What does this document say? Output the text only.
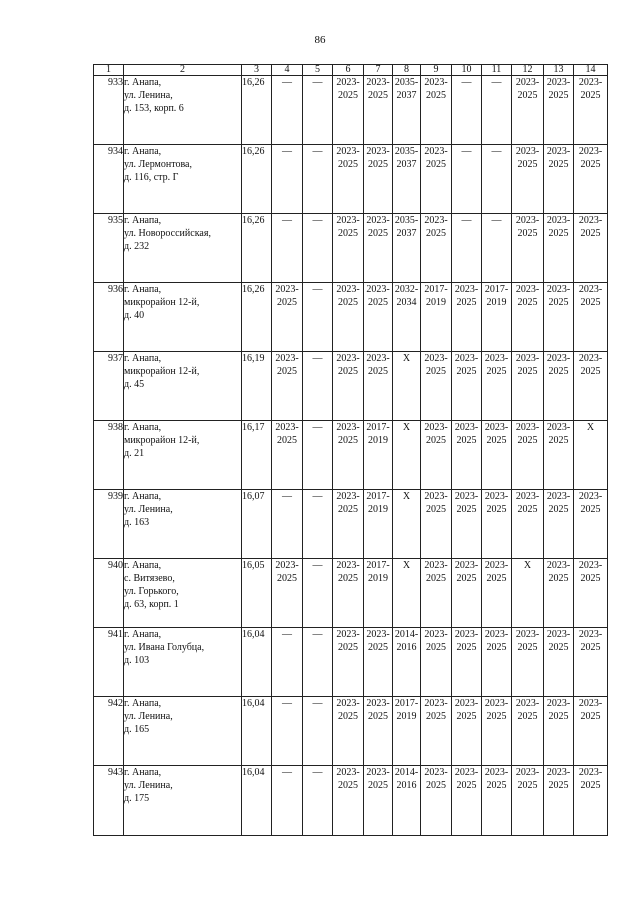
86
1	2	3	4	5	6	7	8	9	10	11	12	13	14
933	г. Анапа,
ул. Ленина,
д. 153, корп. 6	16,26	—	—	2023-
2025	2023-
2025	2035-
2037	2023-
2025	—	—	2023-
2025	2023-
2025	2023-
2025

934	г. Анапа,
ул. Лермонтова,
д. 116, стр. Г	16,26	—	—	2023-
2025	2023-
2025	2035-
2037	2023-
2025	—	—	2023-
2025	2023-
2025	2023-
2025

935	г. Анапа,
ул. Новороссийская,
д. 232	16,26	—	—	2023-
2025	2023-
2025	2035-
2037	2023-
2025	—	—	2023-
2025	2023-
2025	2023-
2025

936	г. Анапа,
микрорайон 12-й,
д. 40	16,26	2023-
2025	—	2023-
2025	2023-
2025	2032-
2034	2017-
2019	2023-
2025	2017-
2019	2023-
2025	2023-
2025	2023-
2025

937	г. Анапа,
микрорайон 12-й,
д. 45	16,19	2023-
2025	—	2023-
2025	2023-
2025	X	2023-
2025	2023-
2025	2023-
2025	2023-
2025	2023-
2025	2023-
2025

938	г. Анапа,
микрорайон 12-й,
д. 21	16,17	2023-
2025	—	2023-
2025	2017-
2019	X	2023-
2025	2023-
2025	2023-
2025	2023-
2025	2023-
2025	X
939	г. Анапа,
ул. Ленина,
д. 163	16,07	—	—	2023-
2025	2017-
2019	X	2023-
2025	2023-
2025	2023-
2025	2023-
2025	2023-
2025	2023-
2025

940	г. Анапа,
с. Витязево,
ул. Горького,
д. 63, корп. 1	16,05	2023-
2025	—	2023-
2025	2017-
2019	X	2023-
2025	2023-
2025	2023-
2025	X	2023-
2025	2023-
2025

941	г. Анапа,
ул. Ивана Голубца,
д. 103	16,04	—	—	2023-
2025	2023-
2025	2014-
2016	2023-
2025	2023-
2025	2023-
2025	2023-
2025	2023-
2025	2023-
2025

942	г. Анапа,
ул. Ленина,
д. 165	16,04	—	—	2023-
2025	2023-
2025	2017-
2019	2023-
2025	2023-
2025	2023-
2025	2023-
2025	2023-
2025	2023-
2025

943	г. Анапа,
ул. Ленина,
д. 175	16,04	—	—	2023-
2025	2023-
2025	2014-
2016	2023-
2025	2023-
2025	2023-
2025	2023-
2025	2023-
2025	2023-
2025
